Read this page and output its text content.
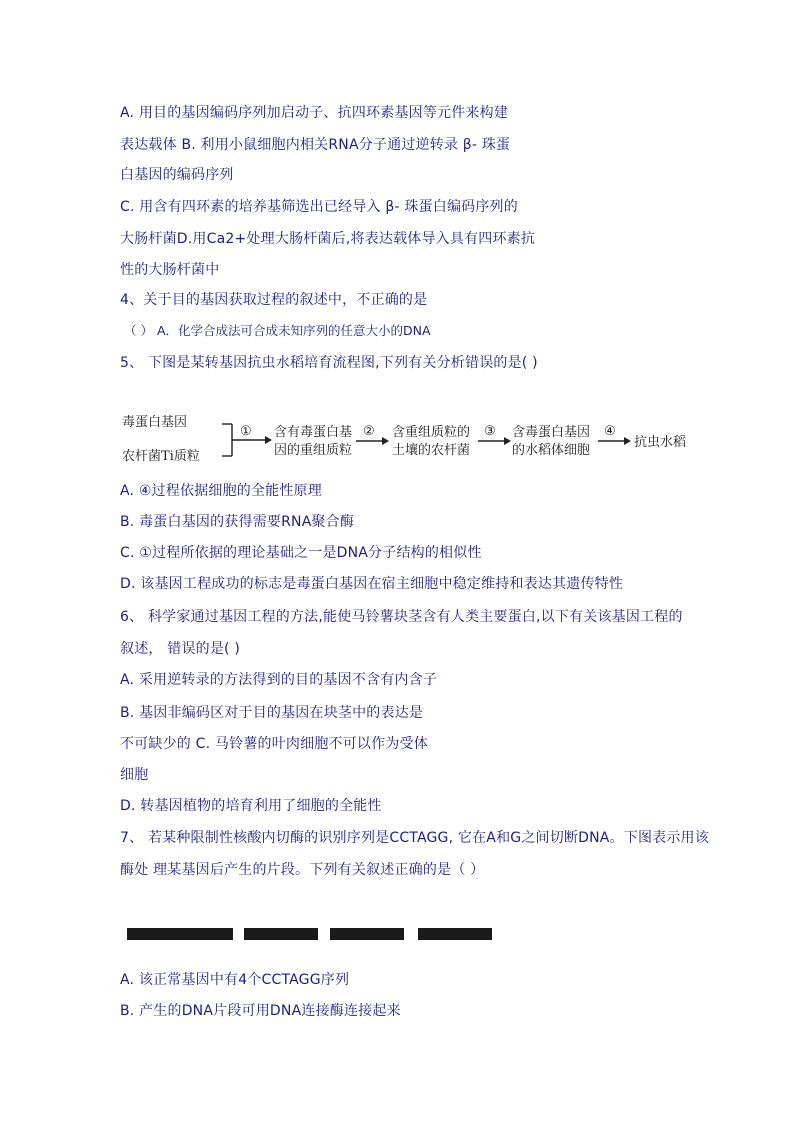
A. 用目的基因编码序列加启动子、抗四环素基因等元件来构建
表达载体 B. 利用小鼠细胞内相关RNA分子通过逆转录 β- 珠蛋
白基因的编码序列
C. 用含有四环素的培养基筛选出已经导入 β- 珠蛋白编码序列的
大肠杆菌D.用Ca2+处理大肠杆菌后,将表达载体导入具有四环素抗
性的大肠杆菌中
4、关于目的基因获取过程的叙述中，不正确的是
（ ） A．化学合成法可合成未知序列的任意大小的DNA
5、 下图是某转基因抗虫水稻培育流程图,下列有关分析错误的是( )
毒蛋白基因
农杆菌Ti质粒
① 含有毒蛋白基
因的重组质粒
② 含重组质粒的
土壤的农杆菌
③ 含毒蛋白基因
的水稻体细胞
④
抗虫水稻
A. ④过程依据细胞的全能性原理
B. 毒蛋白基因的获得需要RNA聚合酶
C. ①过程所依据的理论基础之一是DNA分子结构的相似性
D. 该基因工程成功的标志是毒蛋白基因在宿主细胞中稳定维持和表达其遗传特性
6、 科学家通过基因工程的方法,能使马铃薯块茎含有人类主要蛋白,以下有关该基因工程的
叙述， 错误的是( )
A. 采用逆转录的方法得到的目的基因不含有内含子
B. 基因非编码区对于目的基因在块茎中的表达是
不可缺少的 C. 马铃薯的叶肉细胞不可以作为受体
细胞
D. 转基因植物的培育利用了细胞的全能性
7、 若某种限制性核酸内切酶的识别序列是CCTAGG, 它在A和G之间切断DNA。下图表示用该
酶处 理某基因后产生的片段。下列有关叙述正确的是（ ）
A. 该正常基因中有4个CCTAGG序列
B. 产生的DNA片段可用DNA连接酶连接起来
